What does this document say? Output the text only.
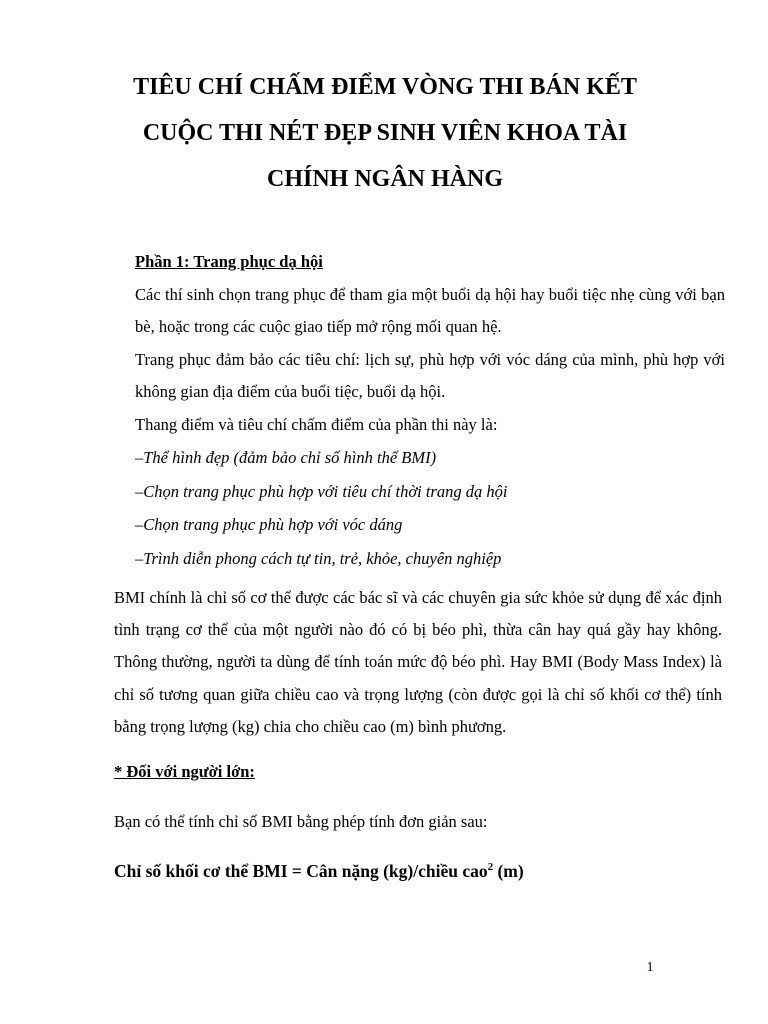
TIÊU CHÍ CHẤM ĐIỂM VÒNG THI BÁN KẾT
CUỘC THI NÉT ĐẸP SINH VIÊN KHOA TÀI
CHÍNH NGÂN HÀNG

Phần 1: Trang phục dạ hội

Các thí sinh chọn trang phục để tham gia một buổi dạ hội hay buổi tiệc nhẹ cùng với bạn bè, hoặc trong các cuộc giao tiếp mở rộng mối quan hệ.

Trang phục đảm bảo các tiêu chí: lịch sự, phù hợp với vóc dáng của mình, phù hợp với không gian địa điểm của buổi tiệc, buổi dạ hội.

Thang điểm và tiêu chí chấm điểm của phần thi này là:

–Thể hình đẹp (đảm bảo chỉ số hình thể BMI)
–Chọn trang phục phù hợp với tiêu chí thời trang dạ hội
–Chọn trang phục phù hợp với vóc dáng
–Trình diễn phong cách tự tin, trẻ, khỏe, chuyên nghiệp

BMI chính là chỉ số cơ thể được các bác sĩ và các chuyên gia sức khỏe sử dụng để xác định tình trạng cơ thể của một người nào đó có bị béo phì, thừa cân hay quá gầy hay không. Thông thường, người ta dùng để tính toán mức độ béo phì. Hay BMI (Body Mass Index) là chỉ số tương quan giữa chiều cao và trọng lượng (còn được gọi là chỉ số khối cơ thể) tính bằng trọng lượng (kg) chia cho chiều cao (m) bình phương.

* Đối với người lớn:

Bạn có thể tính chỉ số BMI bằng phép tính đơn giản sau:

Chỉ số khối cơ thể BMI = Cân nặng (kg)/chiều cao$^2$ (m)

1
